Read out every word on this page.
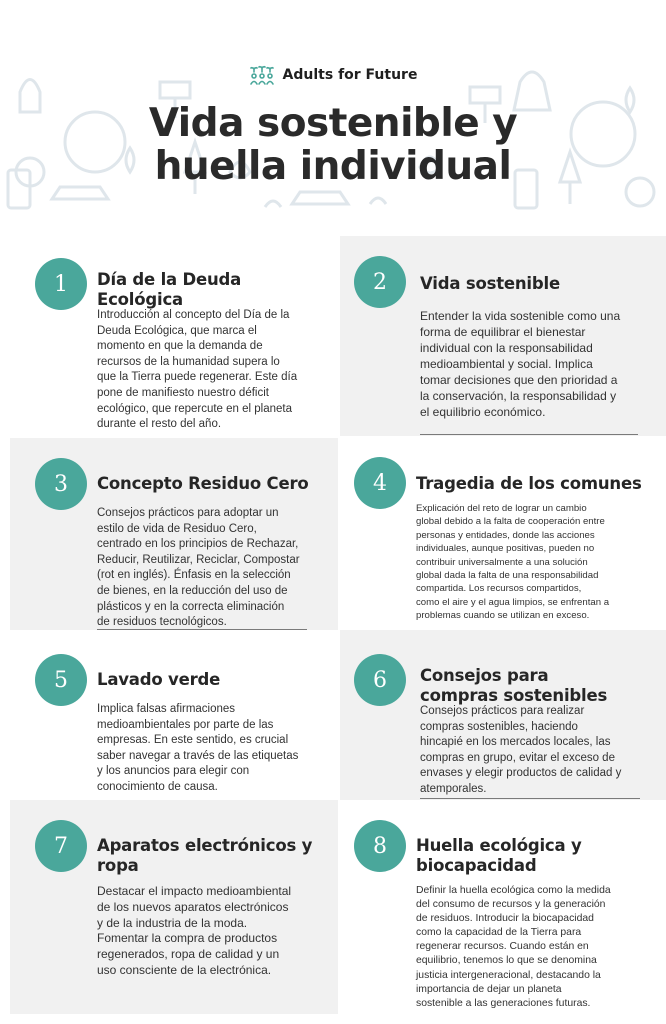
Adults for Future
Vida sostenible y
huella individual
1	Día de la Deuda
Ecológica
Introducción al concepto del Día de la
Deuda Ecológica, que marca el
momento en que la demanda de
recursos de la humanidad supera lo
que la Tierra puede regenerar. Este día
pone de manifiesto nuestro déficit
ecológico, que repercute en el planeta
durante el resto del año.
2	Vida sostenible
Entender la vida sostenible como una
forma de equilibrar el bienestar
individual con la responsabilidad
medioambiental y social. Implica
tomar decisiones que den prioridad a
la conservación, la responsabilidad y
el equilibrio económico.
3	Concepto Residuo Cero
Consejos prácticos para adoptar un
estilo de vida de Residuo Cero,
centrado en los principios de Rechazar,
Reducir, Reutilizar, Reciclar, Compostar
(rot en inglés). Énfasis en la selección
de bienes, en la reducción del uso de
plásticos y en la correcta eliminación
de residuos tecnológicos.
4	Tragedia de los comunes
Explicación del reto de lograr un cambio
global debido a la falta de cooperación entre
personas y entidades, donde las acciones
individuales, aunque positivas, pueden no
contribuir universalmente a una solución
global dada la falta de una responsabilidad
compartida. Los recursos compartidos,
como el aire y el agua limpios, se enfrentan a
problemas cuando se utilizan en exceso.
5	Lavado verde
Implica falsas afirmaciones
medioambientales por parte de las
empresas. En este sentido, es crucial
saber navegar a través de las etiquetas
y los anuncios para elegir con
conocimiento de causa.
6	Consejos para
compras sostenibles
Consejos prácticos para realizar
compras sostenibles, haciendo
hincapié en los mercados locales, las
compras en grupo, evitar el exceso de
envases y elegir productos de calidad y
atemporales.
7	Aparatos electrónicos y
ropa
Destacar el impacto medioambiental
de los nuevos aparatos electrónicos
y de la industria de la moda.
Fomentar la compra de productos
regenerados, ropa de calidad y un
uso consciente de la electrónica.
8	Huella ecológica y
biocapacidad
Definir la huella ecológica como la medida
del consumo de recursos y la generación
de residuos. Introducir la biocapacidad
como la capacidad de la Tierra para
regenerar recursos. Cuando están en
equilibrio, tenemos lo que se denomina
justicia intergeneracional, destacando la
importancia de dejar un planeta
sostenible a las generaciones futuras.
